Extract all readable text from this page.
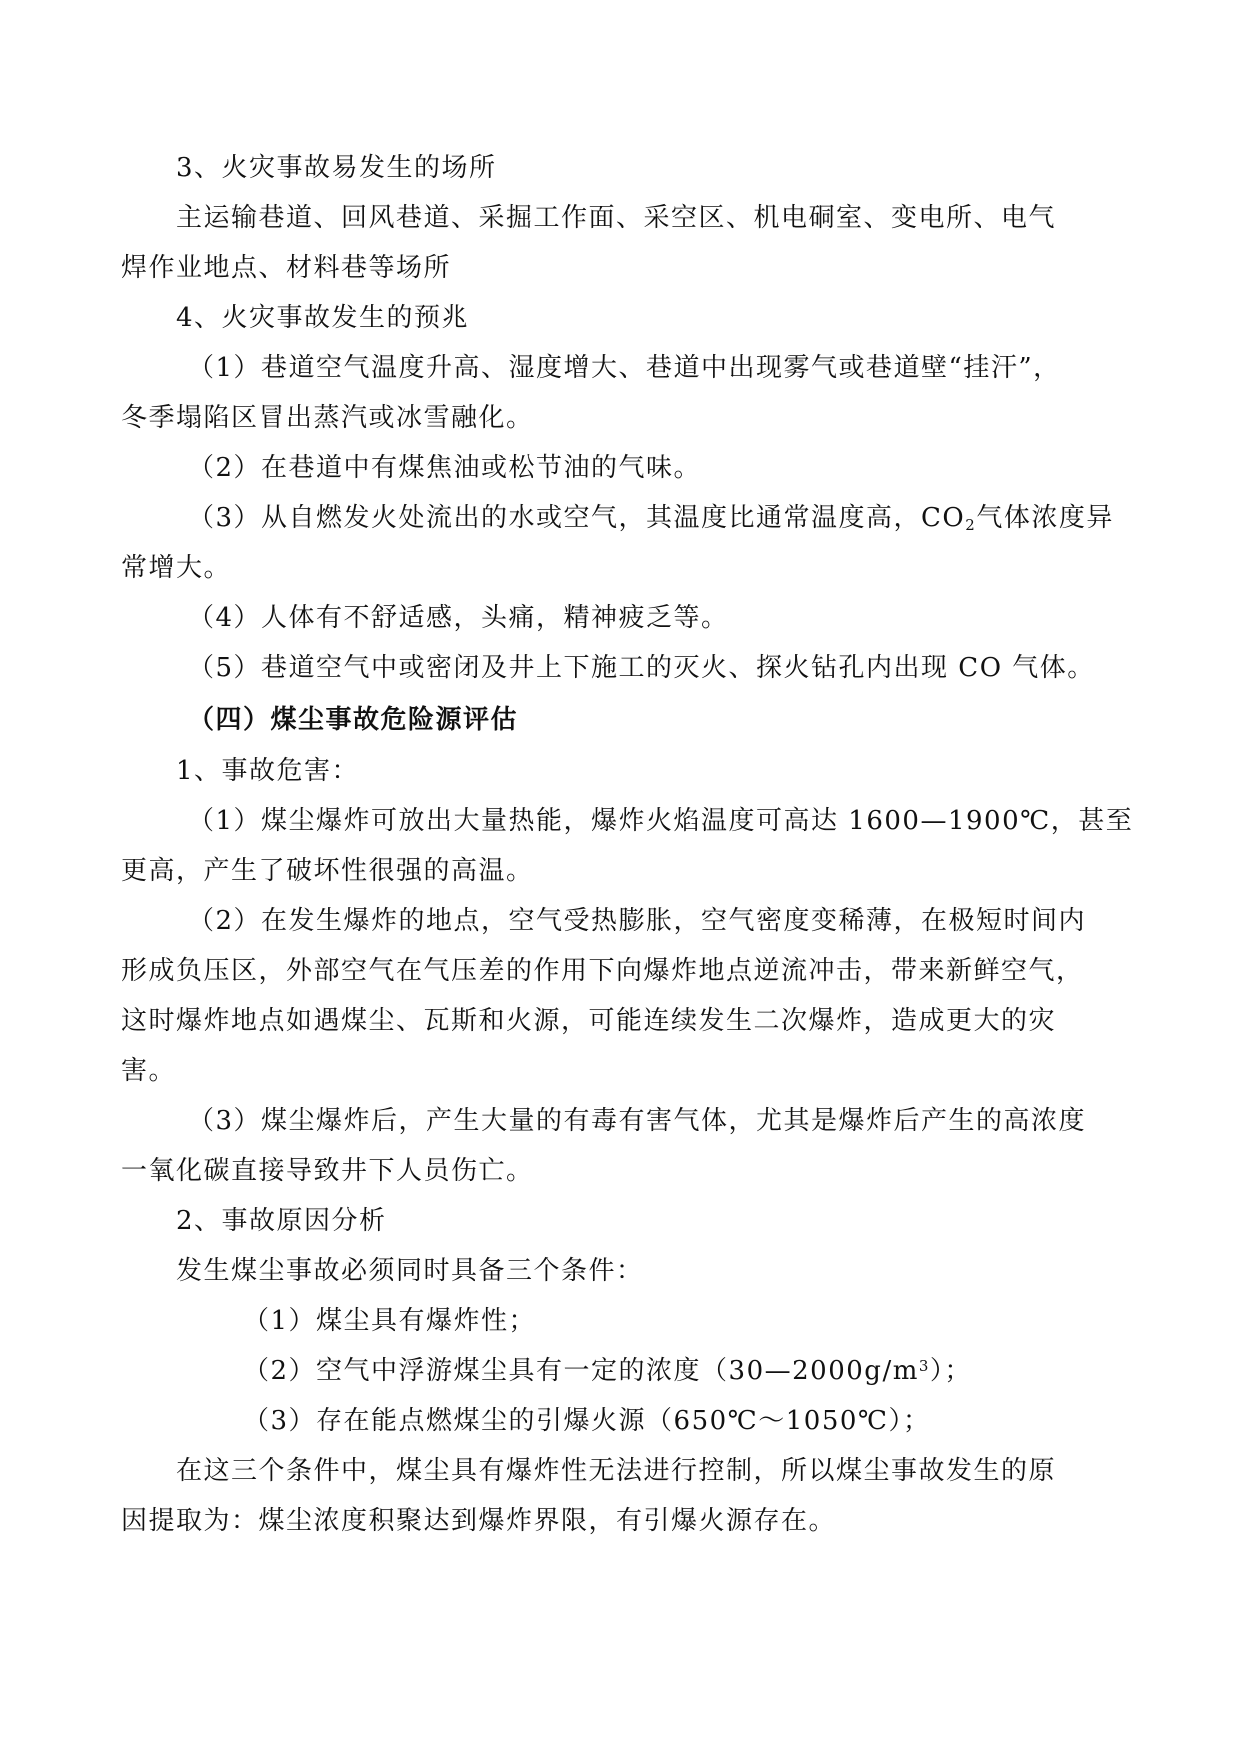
3、火灾事故易发生的场所
主运输巷道、回风巷道、采掘工作面、采空区、机电硐室、变电所、电气
焊作业地点、材料巷等场所
4、火灾事故发生的预兆
（1）巷道空气温度升高、湿度增大、巷道中出现雾气或巷道壁“挂汗”，
冬季塌陷区冒出蒸汽或冰雪融化。
（2）在巷道中有煤焦油或松节油的气味。
（3）从自燃发火处流出的水或空气，其温度比通常温度高，$CO_2$气体浓度异
常增大。
（4）人体有不舒适感，头痛，精神疲乏等。
（5）巷道空气中或密闭及井上下施工的灭火、探火钻孔内出现 CO 气体。
（四）煤尘事故危险源评估
1、事故危害：
（1）煤尘爆炸可放出大量热能，爆炸火焰温度可高达 1600—1900℃，甚至
更高，产生了破坏性很强的高温。
（2）在发生爆炸的地点，空气受热膨胀，空气密度变稀薄，在极短时间内
形成负压区，外部空气在气压差的作用下向爆炸地点逆流冲击，带来新鲜空气，
这时爆炸地点如遇煤尘、瓦斯和火源，可能连续发生二次爆炸，造成更大的灾
害。
（3）煤尘爆炸后，产生大量的有毒有害气体，尤其是爆炸后产生的高浓度
一氧化碳直接导致井下人员伤亡。
2、事故原因分析
发生煤尘事故必须同时具备三个条件：
（1）煤尘具有爆炸性；
（2）空气中浮游煤尘具有一定的浓度$(30—2000g/m^3)$；
（3）存在能点燃煤尘的引爆火源（650℃～1050℃）；
在这三个条件中，煤尘具有爆炸性无法进行控制，所以煤尘事故发生的原
因提取为：煤尘浓度积聚达到爆炸界限，有引爆火源存在。
